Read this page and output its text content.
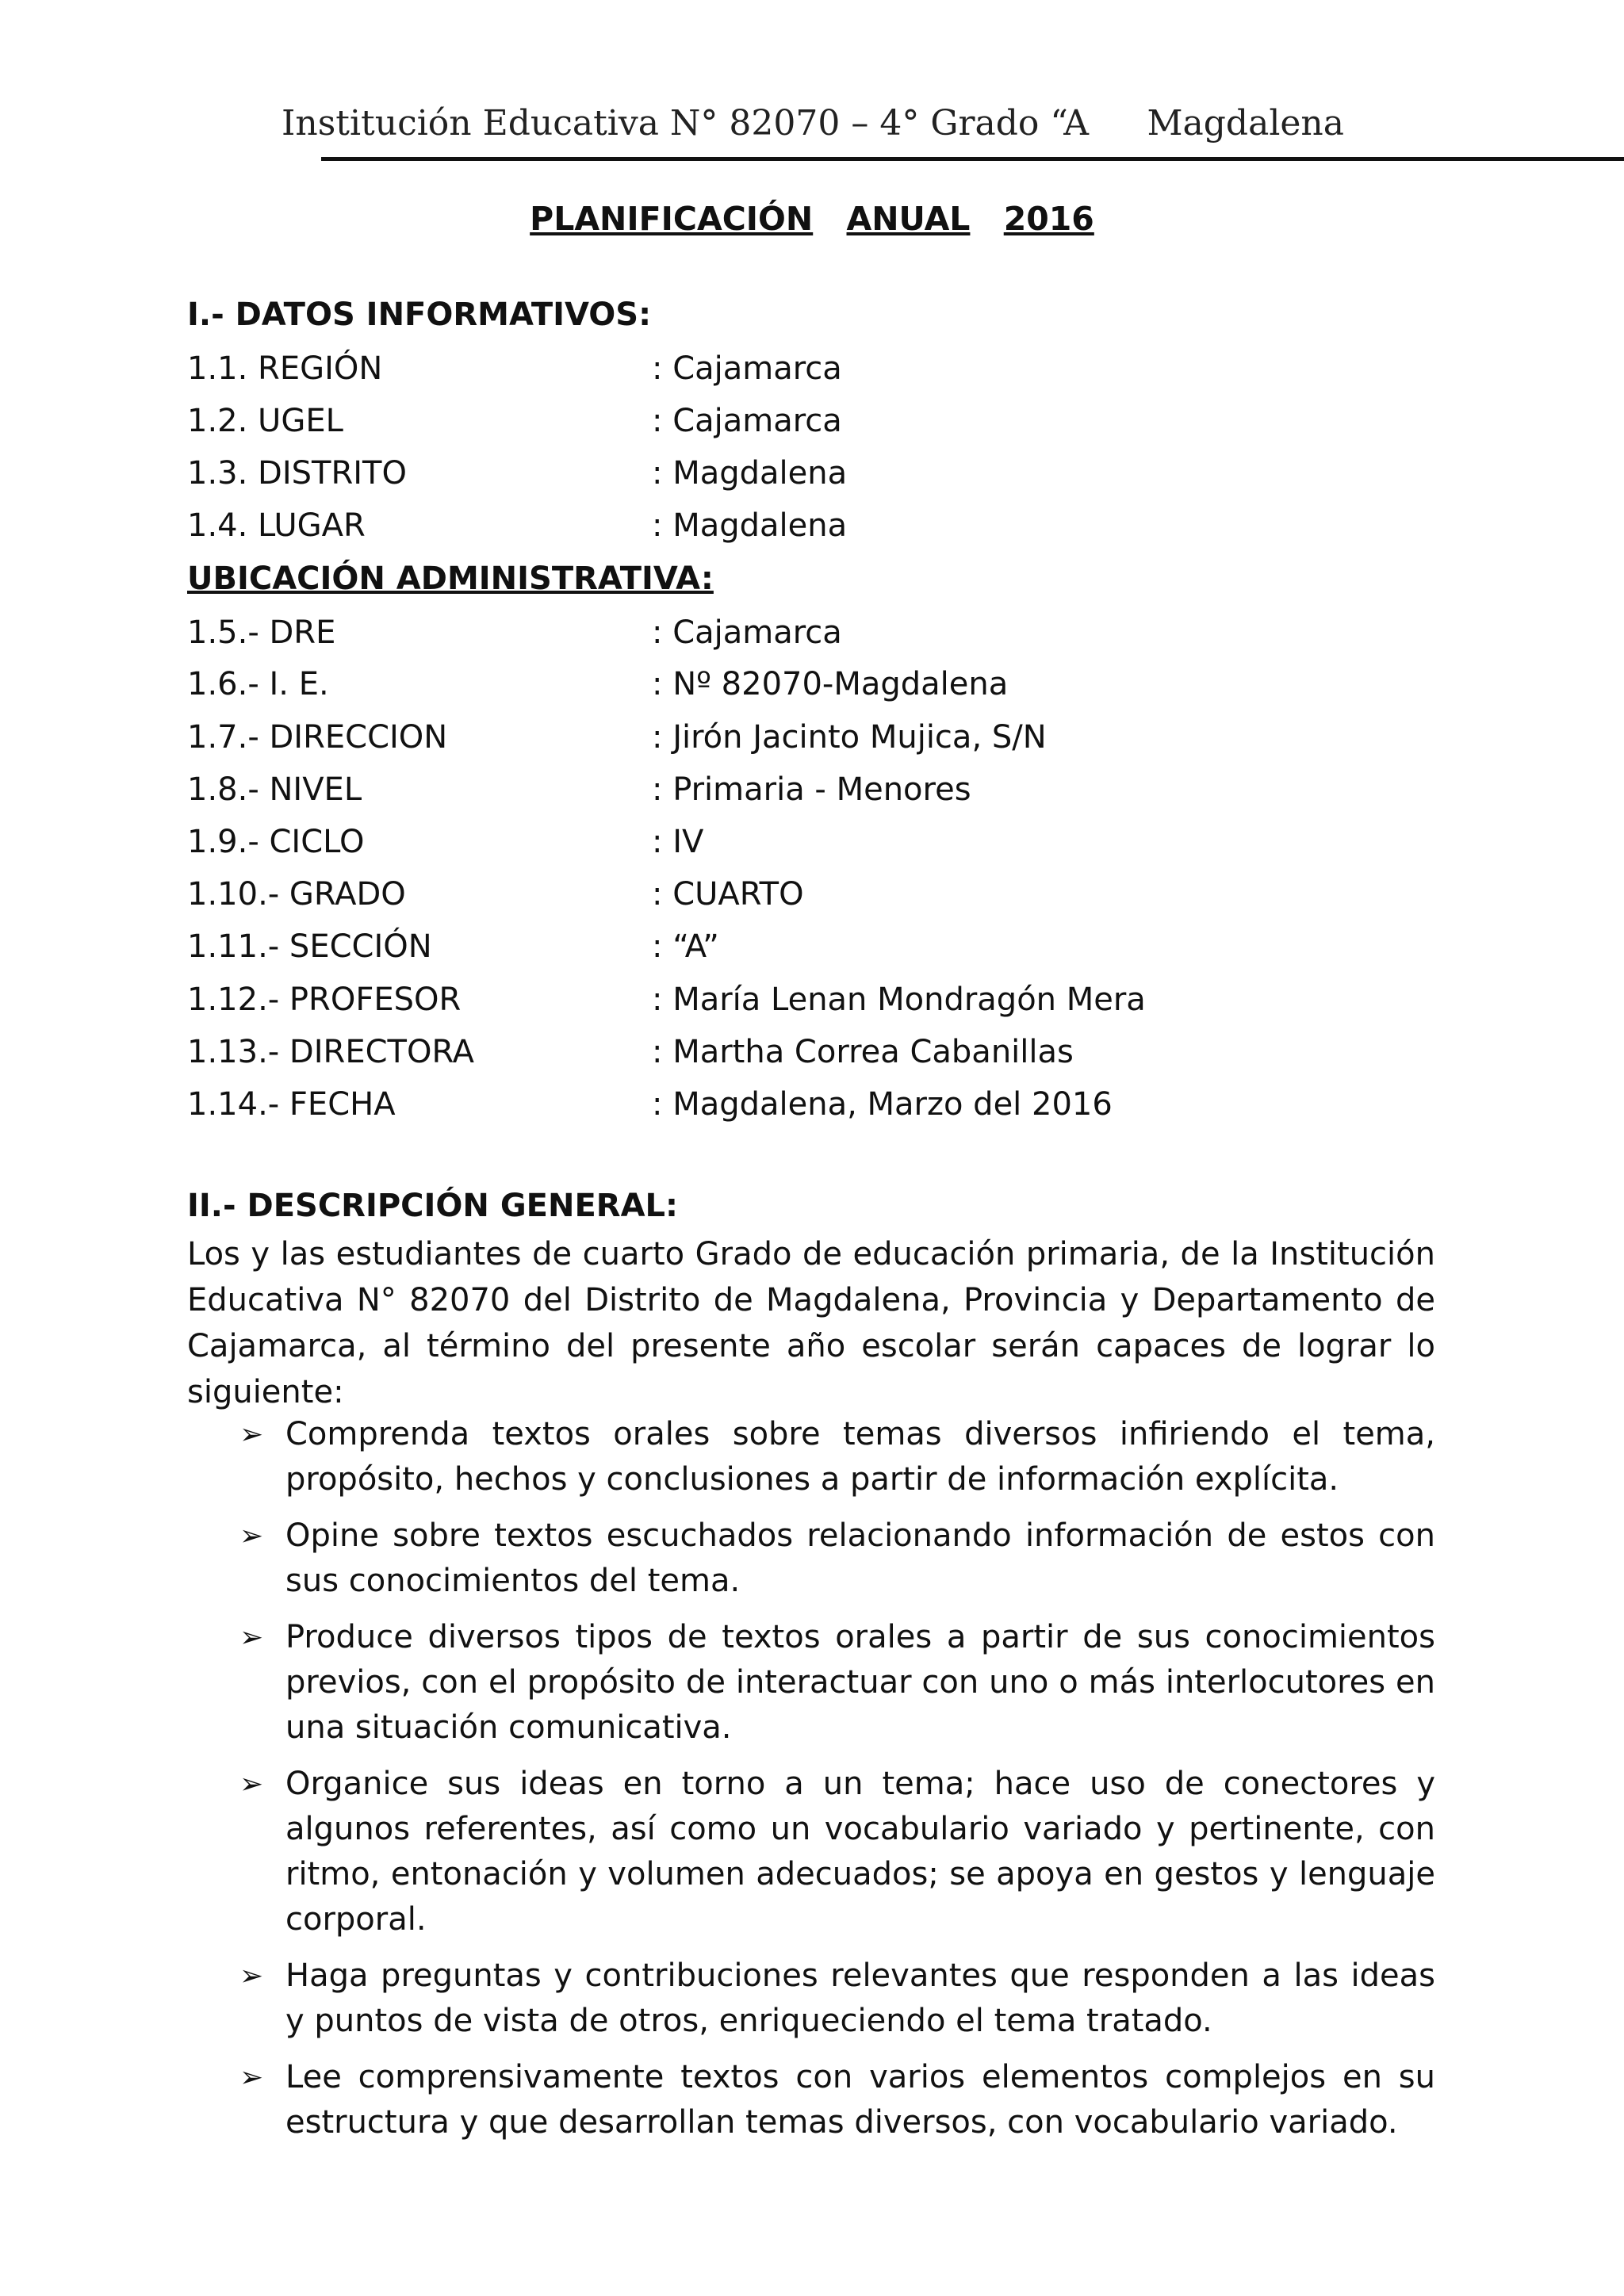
Institución Educativa N° 82070 – 4° Grado “A Magdalena
PLANIFICACIÓN ANUAL 2016
I.- DATOS INFORMATIVOS:
1.1. REGIÓN	: Cajamarca
1.2. UGEL	: Cajamarca
1.3. DISTRITO	: Magdalena
1.4. LUGAR	: Magdalena
UBICACIÓN ADMINISTRATIVA:
1.5.- DRE	: Cajamarca
1.6.- I. E.	: Nº 82070-Magdalena
1.7.- DIRECCION	: Jirón Jacinto Mujica, S/N
1.8.- NIVEL	: Primaria - Menores
1.9.- CICLO	: IV
1.10.- GRADO	: CUARTO
1.11.- SECCIÓN	: “A”
1.12.- PROFESOR	: María Lenan Mondragón Mera
1.13.- DIRECTORA	: Martha Correa Cabanillas
1.14.- FECHA	: Magdalena, Marzo del 2016
II.- DESCRIPCIÓN GENERAL:

Los y las estudiantes de cuarto Grado de educación primaria, de la Institución Educativa N° 82070 del Distrito de Magdalena, Provincia y Departamento de Cajamarca, al término del presente año escolar serán capaces de lograr lo siguiente:

➢ Comprenda textos orales sobre temas diversos infiriendo el tema, propósito, hechos y conclusiones a partir de información explícita.
➢ Opine sobre textos escuchados relacionando información de estos con sus conocimientos del tema.
➢ Produce diversos tipos de textos orales a partir de sus conocimientos previos, con el propósito de interactuar con uno o más interlocutores en una situación comunicativa.
➢ Organice sus ideas en torno a un tema; hace uso de conectores y algunos referentes, así como un vocabulario variado y pertinente, con ritmo, entonación y volumen adecuados; se apoya en gestos y lenguaje corporal.
➢ Haga preguntas y contribuciones relevantes que responden a las ideas y puntos de vista de otros, enriqueciendo el tema tratado.
➢ Lee comprensivamente textos con varios elementos complejos en su estructura y que desarrollan temas diversos, con vocabulario variado.
